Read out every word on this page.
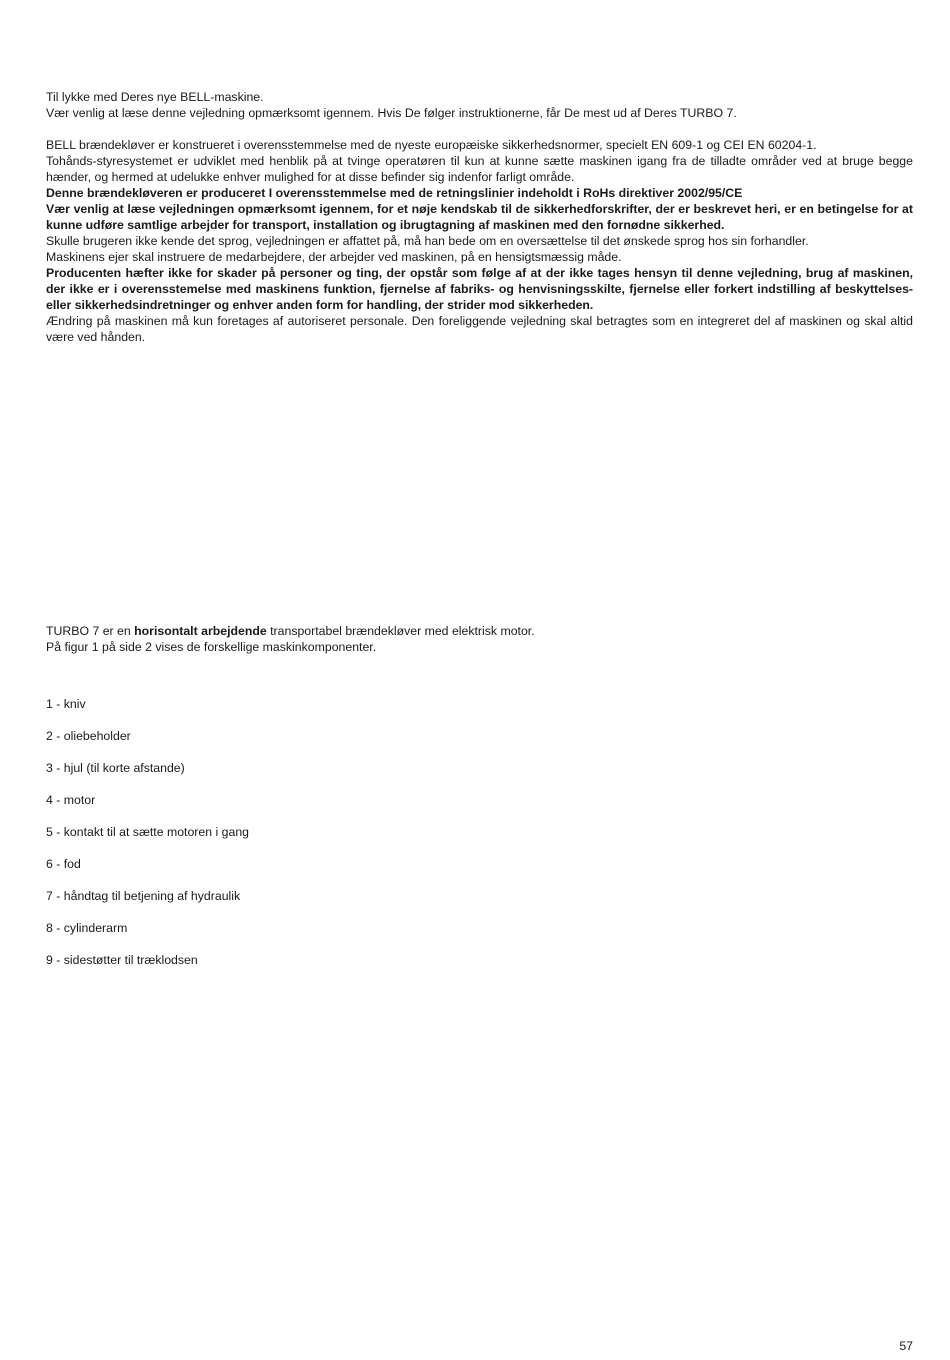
Til lykke med Deres nye BELL-maskine.

Vær venlig at læse denne vejledning opmærksomt igennem. Hvis De følger instruktionerne, får De mest ud af Deres TURBO 7.

BELL brændekløver er konstrueret i overensstemmelse med de nyeste europæiske sikkerhedsnormer, specielt EN 609-1 og CEI EN 60204-1.

Tohånds-styresystemet er udviklet med henblik på at tvinge operatøren til kun at kunne sætte maskinen igang fra de tilladte områder ved at bruge begge hænder, og hermed at udelukke enhver mulighed for at disse befinder sig indenfor farligt område.

Denne brændekløveren er produceret I overensstemmelse med de retningslinier indeholdt i RoHs direktiver 2002/95/CE

Vær venlig at læse vejledningen opmærksomt igennem, for et nøje kendskab til de sikkerhedforskrifter, der er beskrevet heri, er en betingelse for at kunne udføre samtlige arbejder for transport, installation og ibrugtagning af maskinen med den fornødne sikkerhed.

Skulle brugeren ikke kende det sprog, vejledningen er affattet på, må han bede om en oversættelse til det ønskede sprog hos sin forhandler.

Maskinens ejer skal instruere de medarbejdere, der arbejder ved maskinen, på en hensigtsmæssig måde.

Producenten hæfter ikke for skader på personer og ting, der opstår som følge af at der ikke tages hensyn til denne vejledning, brug af maskinen, der ikke er i overensstemelse med maskinens funktion, fjernelse af fabriks- og henvisningsskilte, fjernelse eller forkert indstilling af beskyttelses- eller sikkerhedsindretninger og enhver anden form for handling, der strider mod sikkerheden.

Ændring på maskinen må kun foretages af autoriseret personale. Den foreliggende vejledning skal betragtes som en integreret del af maskinen og skal altid være ved hånden.

TURBO 7 er en horisontalt arbejdende transportabel brændekløver med elektrisk motor.

På figur 1 på side 2 vises de forskellige maskinkomponenter.

1 - kniv
2 - oliebeholder
3 - hjul (til korte afstande)
4 - motor
5 - kontakt til at sætte motoren i gang
6 - fod
7 - håndtag til betjening af hydraulik
8 - cylinderarm
9 - sidestøtter til træklodsen
57
